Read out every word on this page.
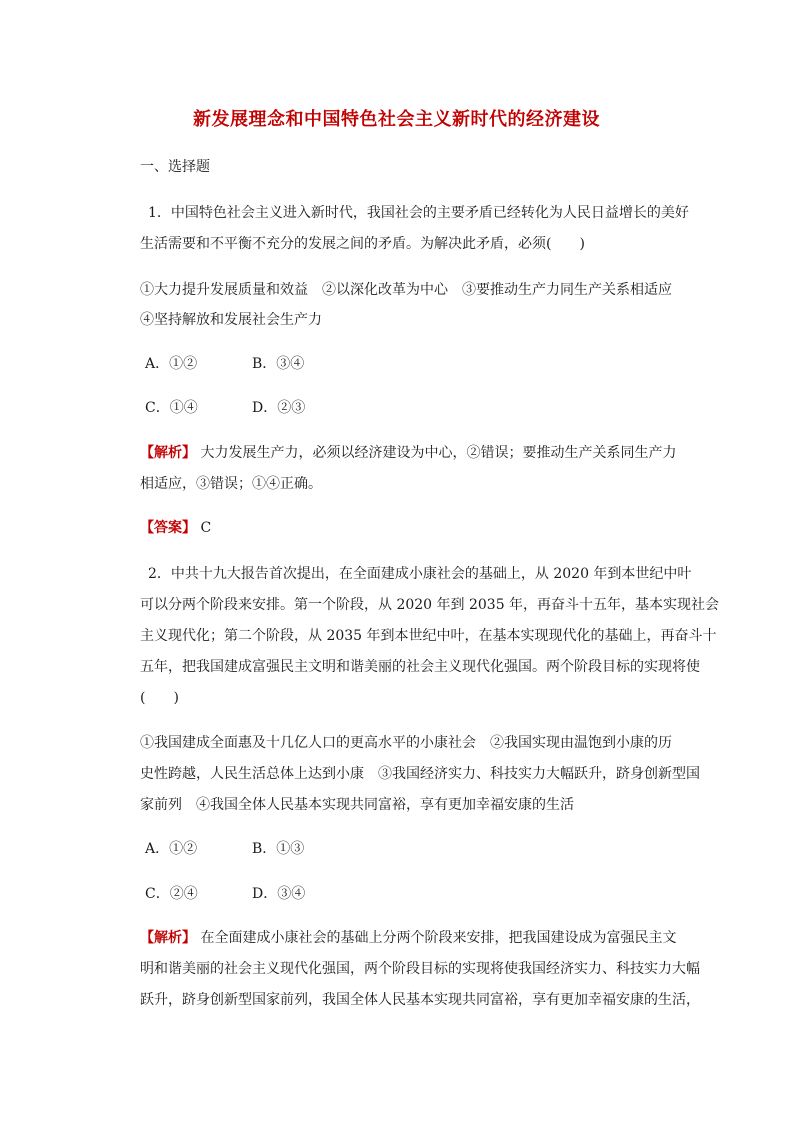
新发展理念和中国特色社会主义新时代的经济建设
一、选择题
1．中国特色社会主义进入新时代，我国社会的主要矛盾已经转化为人民日益增长的美好
生活需要和不平衡不充分的发展之间的矛盾。为解决此矛盾，必须(　　)
①大力提升发展质量和效益　②以深化改革为中心　③要推动生产力同生产关系相适应
④坚持解放和发展社会生产力
A．①②	B．③④
C．①④	D．②③
【解析】 大力发展生产力，必须以经济建设为中心，②错误；要推动生产关系同生产力
相适应，③错误；①④正确。
【答案】 C
2．中共十九大报告首次提出，在全面建成小康社会的基础上，从 2020 年到本世纪中叶
可以分两个阶段来安排。第一个阶段，从 2020 年到 2035 年，再奋斗十五年，基本实现社会
主义现代化；第二个阶段，从 2035 年到本世纪中叶，在基本实现现代化的基础上，再奋斗十
五年，把我国建成富强民主文明和谐美丽的社会主义现代化强国。两个阶段目标的实现将使
(　　)
①我国建成全面惠及十几亿人口的更高水平的小康社会　②我国实现由温饱到小康的历
史性跨越，人民生活总体上达到小康　③我国经济实力、科技实力大幅跃升，跻身创新型国
家前列　④我国全体人民基本实现共同富裕，享有更加幸福安康的生活
A．①②	B．①③
C．②④	D．③④
【解析】 在全面建成小康社会的基础上分两个阶段来安排，把我国建设成为富强民主文
明和谐美丽的社会主义现代化强国，两个阶段目标的实现将使我国经济实力、科技实力大幅
跃升，跻身创新型国家前列，我国全体人民基本实现共同富裕，享有更加幸福安康的生活，
